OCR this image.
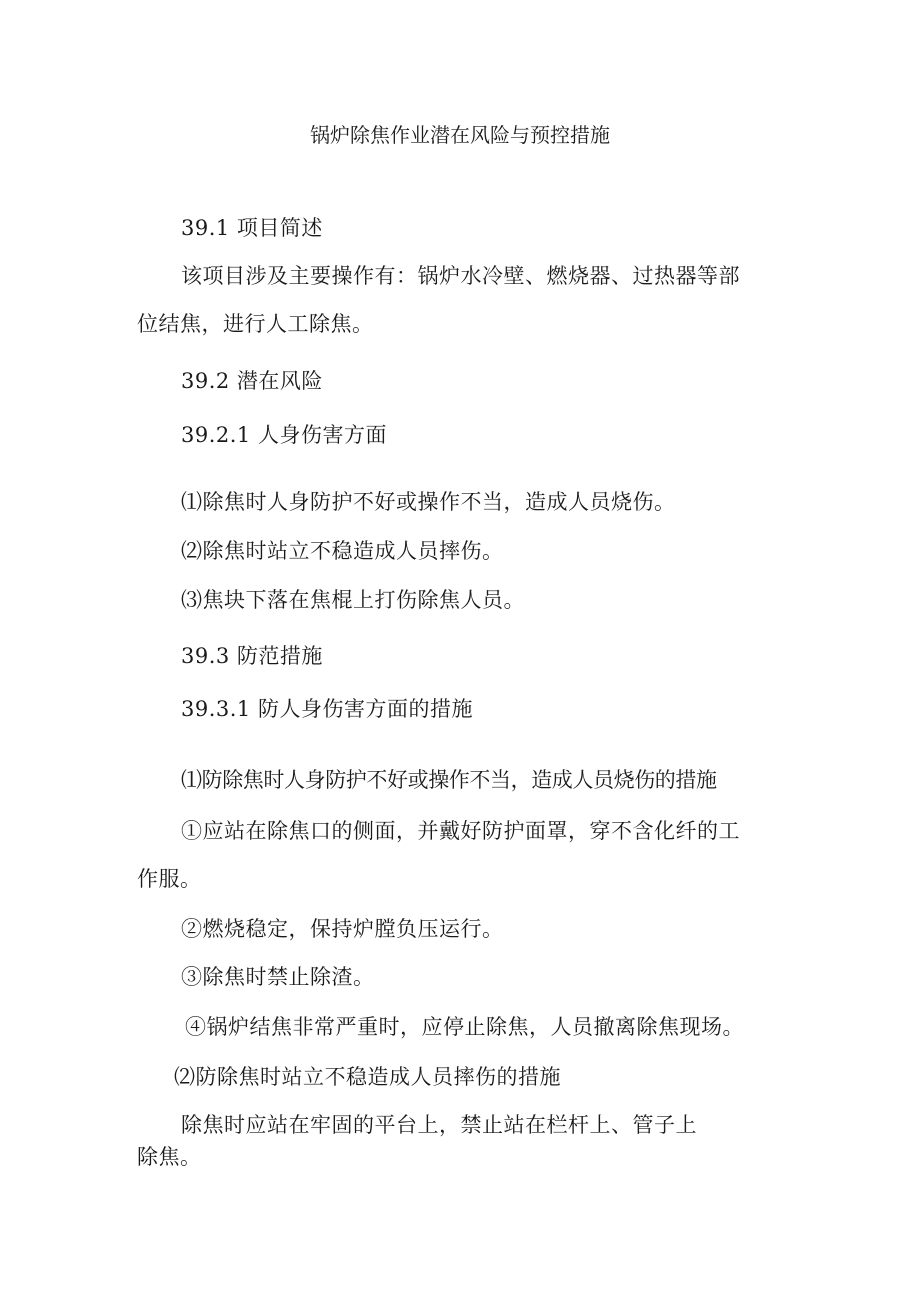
锅炉除焦作业潜在风险与预控措施
39.1 项目简述
该项目涉及主要操作有：锅炉水冷壁、燃烧器、过热器等部
位结焦，进行人工除焦。
39.2 潜在风险
39.2.1 人身伤害方面
⑴除焦时人身防护不好或操作不当，造成人员烧伤。
⑵除焦时站立不稳造成人员摔伤。
⑶焦块下落在焦棍上打伤除焦人员。
39.3 防范措施
39.3.1 防人身伤害方面的措施
⑴防除焦时人身防护不好或操作不当，造成人员烧伤的措施
①应站在除焦口的侧面，并戴好防护面罩，穿不含化纤的工
作服。
②燃烧稳定，保持炉膛负压运行。
③除焦时禁止除渣。
④锅炉结焦非常严重时，应停止除焦，人员撤离除焦现场。
⑵防除焦时站立不稳造成人员摔伤的措施
除焦时应站在牢固的平台上，禁止站在栏杆上、管子上
除焦。
